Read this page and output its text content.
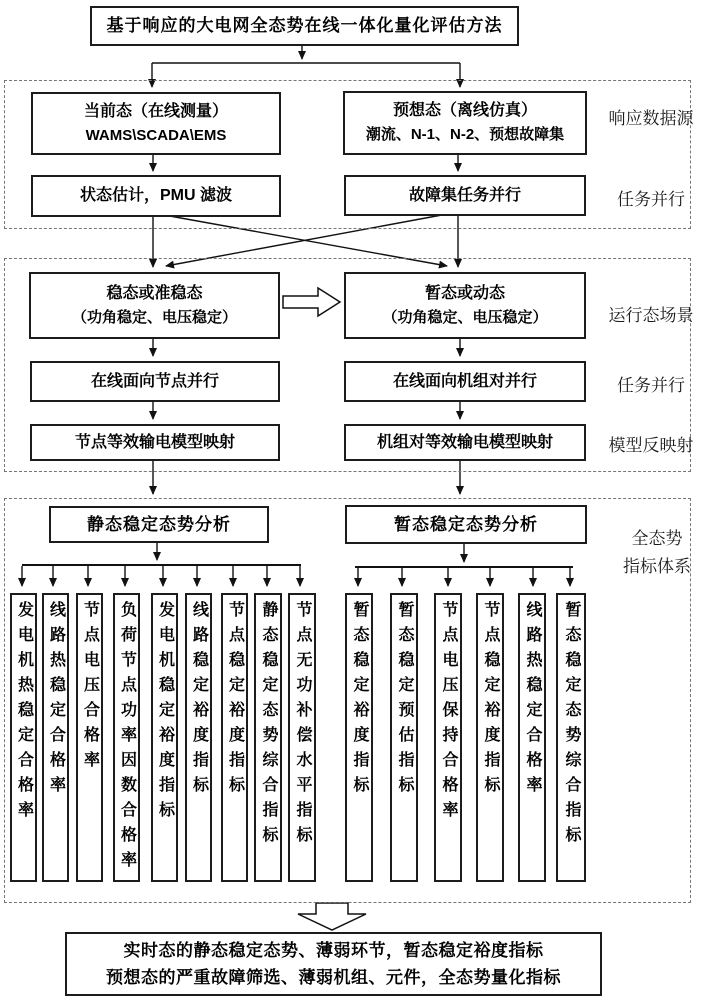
基于响应的大电网全态势在线一体化量化评估方法
当前态（在线测量）
WAMS\SCADA\EMS
预想态（离线仿真）
潮流、N-1、N-2、预想故障集
响应数据源
状态估计，PMU 滤波	故障集任务并行	任务并行
稳态或准稳态
（功角稳定、电压稳定）
暂态或动态
（功角稳定、电压稳定）	运行态场景
在线面向节点并行	在线面向机组对并行	任务并行
节点等效输电模型映射	机组对等效输电模型映射	模型反映射
静态稳定态势分析	暂态稳定态势分析
全态势
指标体系
发电机热稳定合格率 线路热稳定合格率 节点电压合格率 负荷节点功率因数合格率 发电机稳定裕度指标 线路稳定裕度指标 节点稳定裕度指标 静态稳定态势综合指标 节点无功补偿水平指标	暂态稳定裕度指标 暂态稳定预估指标 节点电压保持合格率 节点稳定裕度指标 线路热稳定合格率 暂态稳定态势综合指标
实时态的静态稳定态势、薄弱环节，暂态稳定裕度指标
预想态的严重故障筛选、薄弱机组、元件，全态势量化指标
